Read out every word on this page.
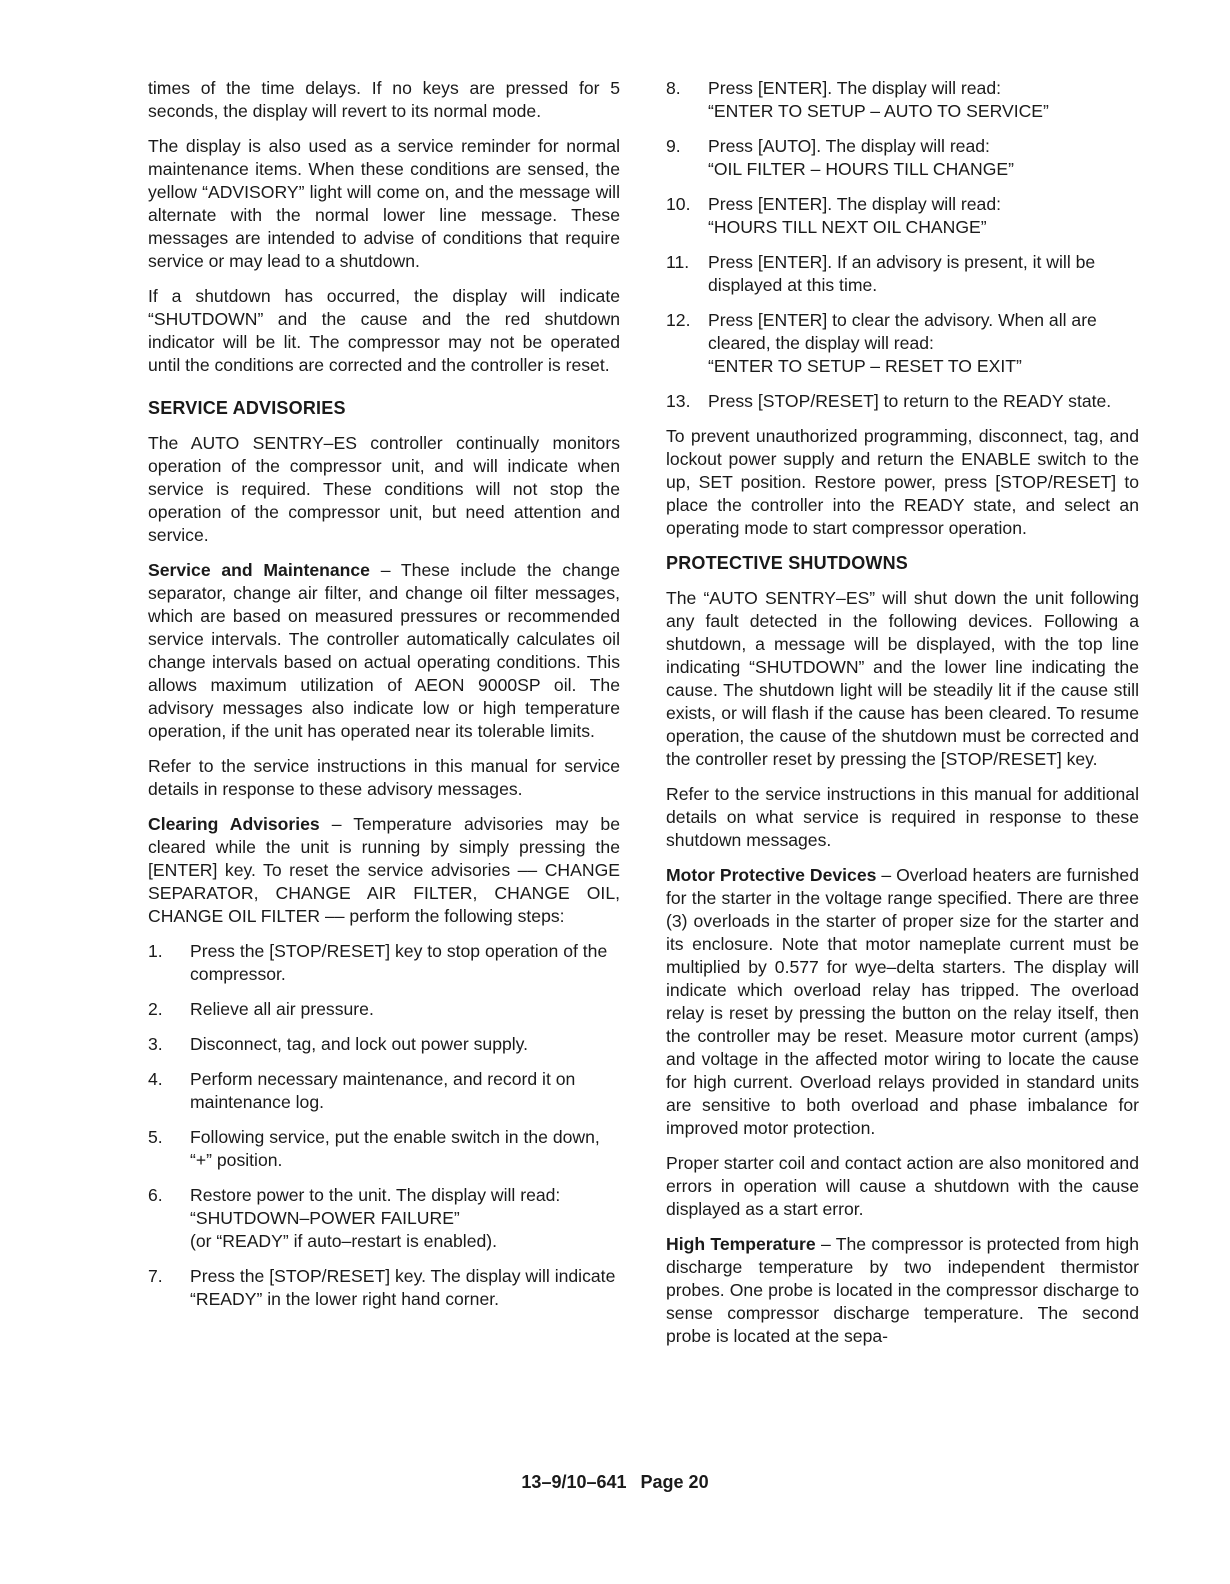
times of the time delays. If no keys are pressed for 5 seconds, the display will revert to its normal mode.

The display is also used as a service reminder for normal maintenance items. When these conditions are sensed, the yellow “ADVISORY” light will come on, and the message will alternate with the normal lower line message. These messages are intended to advise of conditions that require service or may lead to a shutdown.

If a shutdown has occurred, the display will indicate “SHUTDOWN” and the cause and the red shutdown indicator will be lit. The compressor may not be operated until the conditions are corrected and the controller is reset.

SERVICE ADVISORIES

The AUTO SENTRY–ES controller continually monitors operation of the compressor unit, and will indicate when service is required. These conditions will not stop the operation of the compressor unit, but need attention and service.

Service and Maintenance – These include the change separator, change air filter, and change oil filter messages, which are based on measured pressures or recommended service intervals. The controller automatically calculates oil change intervals based on actual operating conditions. This allows maximum utilization of AEON 9000SP oil. The advisory messages also indicate low or high temperature operation, if the unit has operated near its tolerable limits.

Refer to the service instructions in this manual for service details in response to these advisory messages.

Clearing Advisories – Temperature advisories may be cleared while the unit is running by simply pressing the [ENTER] key. To reset the service advisories –– CHANGE SEPARATOR, CHANGE AIR FILTER, CHANGE OIL, CHANGE OIL FILTER –– perform the following steps:

1.	Press the [STOP/RESET] key to stop operation of the compressor.
2.	Relieve all air pressure.
3.	Disconnect, tag, and lock out power supply.
4.	Perform necessary maintenance, and record it on maintenance log.
5.	Following service, put the enable switch in the down, “+” position.
6.	Restore power to the unit. The display will read:
“SHUTDOWN–POWER FAILURE”
(or “READY” if auto–restart is enabled).
7.	Press the [STOP/RESET] key. The display will indicate “READY” in the lower right hand corner.
8.	Press [ENTER]. The display will read:
“ENTER TO SETUP – AUTO TO SERVICE”
9.	Press [AUTO]. The display will read:
“OIL FILTER – HOURS TILL CHANGE”
10. Press [ENTER]. The display will read:
“HOURS TILL NEXT OIL CHANGE”
11.	Press [ENTER]. If an advisory is present, it will be displayed at this time.
12. Press [ENTER] to clear the advisory. When all are cleared, the display will read:
“ENTER TO SETUP – RESET TO EXIT”
13. Press [STOP/RESET] to return to the READY state.

To prevent unauthorized programming, disconnect, tag, and lockout power supply and return the ENABLE switch to the up, SET position. Restore power, press [STOP/RESET] to place the controller into the READY state, and select an operating mode to start compressor operation.

PROTECTIVE SHUTDOWNS

The “AUTO SENTRY–ES” will shut down the unit following any fault detected in the following devices. Following a shutdown, a message will be displayed, with the top line indicating “SHUTDOWN” and the lower line indicating the cause. The shutdown light will be steadily lit if the cause still exists, or will flash if the cause has been cleared. To resume operation, the cause of the shutdown must be corrected and the controller reset by pressing the [STOP/RESET] key.

Refer to the service instructions in this manual for additional details on what service is required in response to these shutdown messages.

Motor Protective Devices – Overload heaters are furnished for the starter in the voltage range specified. There are three (3) overloads in the starter of proper size for the starter and its enclosure. Note that motor nameplate current must be multiplied by 0.577 for wye–delta starters. The display will indicate which overload relay has tripped. The overload relay is reset by pressing the button on the relay itself, then the controller may be reset. Measure motor current (amps) and voltage in the affected motor wiring to locate the cause for high current. Overload relays provided in standard units are sensitive to both overload and phase imbalance for improved motor protection.

Proper starter coil and contact action are also monitored and errors in operation will cause a shutdown with the cause displayed as a start error.

High Temperature – The compressor is protected from high discharge temperature by two independent thermistor probes. One probe is located in the compressor discharge to sense compressor discharge temperature. The second probe is located at the sepa-

13–9/10–641 Page 20
